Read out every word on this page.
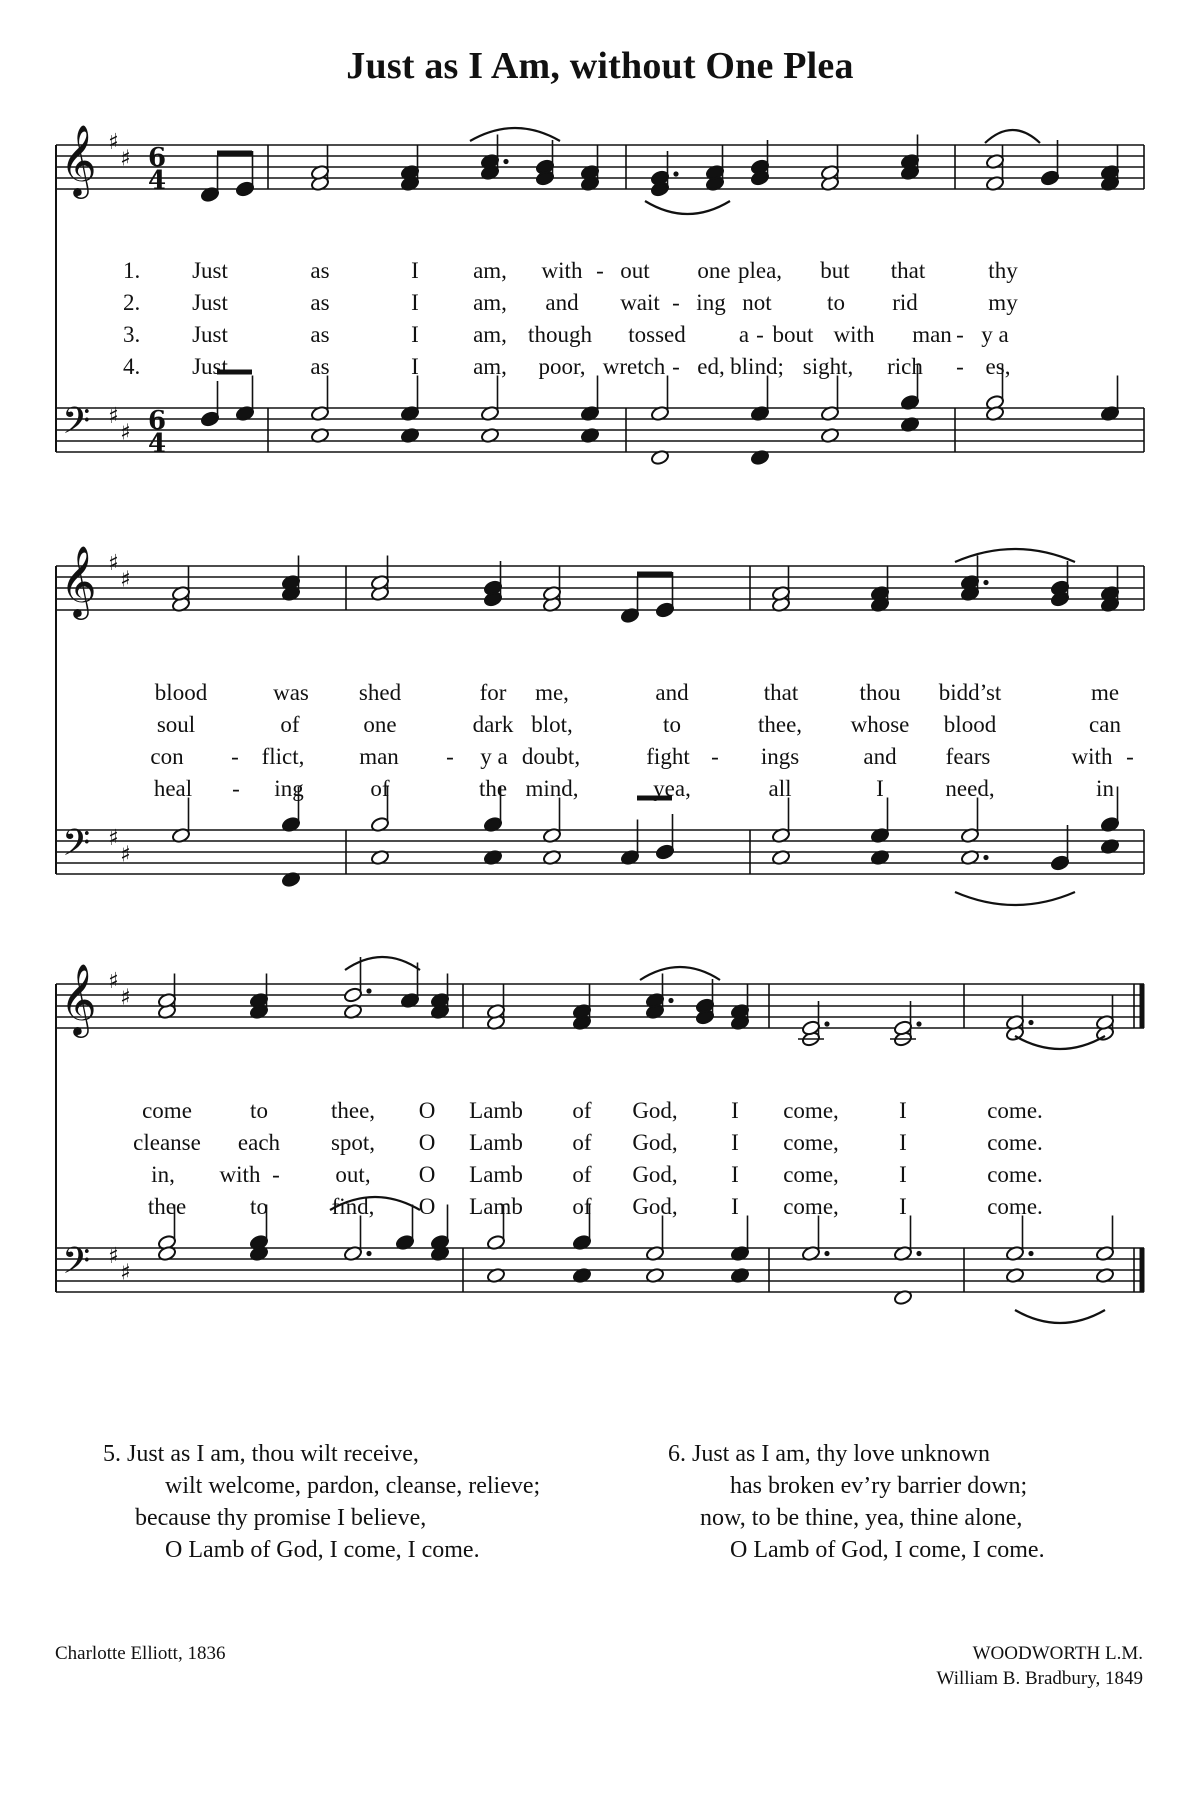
Just as I Am, without One Plea
𝄞
𝄢
♯
♯
♯
♯
6
4
6
4
𝄞
𝄢
♯
♯
♯
♯
𝄞
𝄢
♯
♯
♯
♯
1.
2.
3.
4.
Just	as	I am, with - out one plea, but that	thy
Just	as	I am, and wait - ing not to rid	my
Just	as	I am, though tossed a - bout with man - y a
Just	as	I am, poor, wretch - ed, blind; sight, rich - es,
blood	was shed	for me,	and	that	thou bidd’st	me
soul	of	one	dark blot,	to	thee, whose blood	can
con - flict, man - y a doubt,	fight - ings	and fears	with -
heal - ing	of	the mind,	yea,	all	I	need,	in
come	to	thee, O Lamb of God, I come,	I	come.
cleanse each spot, O Lamb of God, I come,	I	come.
in, with - out, O Lamb of God, I come,	I	come.
thee	to	find, O Lamb of God, I come,	I	come.
5. Just as I am, thou wilt receive,
wilt welcome, pardon, cleanse, relieve;
because thy promise I believe,
O Lamb of God, I come, I come.
6. Just as I am, thy love unknown
has broken ev’ry barrier down;
now, to be thine, yea, thine alone,
O Lamb of God, I come, I come.
Charlotte Elliott, 1836	WOODWORTH L.M.
William B. Bradbury, 1849
